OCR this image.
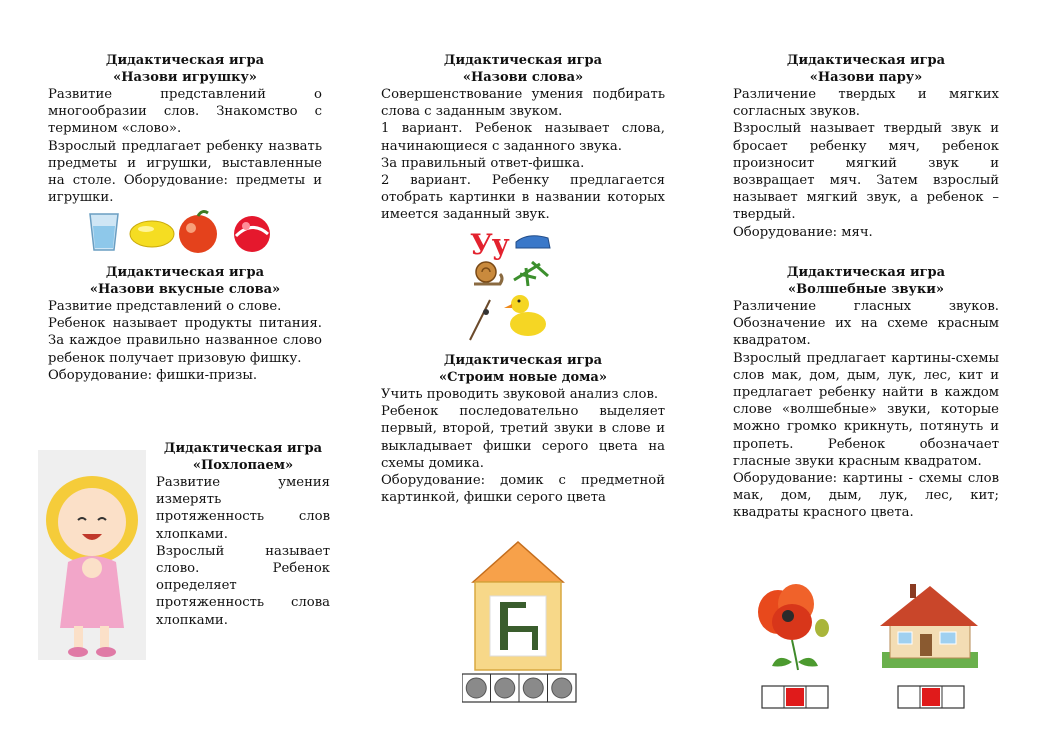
Дидактическая игра
«Назови игрушку»

Развитие представлений о многообразии слов. Знакомство с термином «слово».

Взрослый предлагает ребенку назвать предметы и игрушки, выставленные на столе. Оборудование: предметы и игрушки.

Дидактическая игра
«Назови вкусные слова»

Развитие представлений о слове.

Ребенок называет продукты питания. За каждое правильно названное слово ребенок получает призовую фишку.

Оборудование: фишки-призы.

Дидактическая игра
«Похлопаем»

Развитие умения измерять протяженность слов хлопками.

Взрослый называет слово. Ребенок определяет протяженность слова хлопками.

Дидактическая игра
«Назови слова»

Совершенствование умения подбирать слова с заданным звуком.

1 вариант. Ребенок называет слова, начинающиеся с заданного звука.

За правильный ответ-фишка.

2 вариант. Ребенку предлагается отобрать картинки в названии которых имеется заданный звук.

Уу
Дидактическая игра
«Строим новые дома»

Учить проводить звуковой анализ слов.

Ребенок последовательно выделяет первый, второй, третий звуки в слове и выкладывает фишки серого цвета на схемы домика.

Оборудование: домик с предметной картинкой, фишки серого цвета

Дидактическая игра
«Назови пару»

Различение твердых и мягких согласных звуков.

Взрослый называет твердый звук и бросает ребенку мяч, ребенок произносит мягкий звук и возвращает мяч. Затем взрослый называет мягкий звук, а ребенок – твердый.

Оборудование: мяч.

Дидактическая игра
«Волшебные звуки»

Различение гласных звуков. Обозначение их на схеме красным квадратом.

Взрослый предлагает картины-схемы слов мак, дом, дым, лук, лес, кит и предлагает ребенку найти в каждом слове «волшебные» звуки, которые можно громко крикнуть, потянуть и пропеть. Ребенок обозначает гласные звуки красным квадратом.

Оборудование: картины - схемы слов мак, дом, дым, лук, лес, кит; квадраты красного цвета.
